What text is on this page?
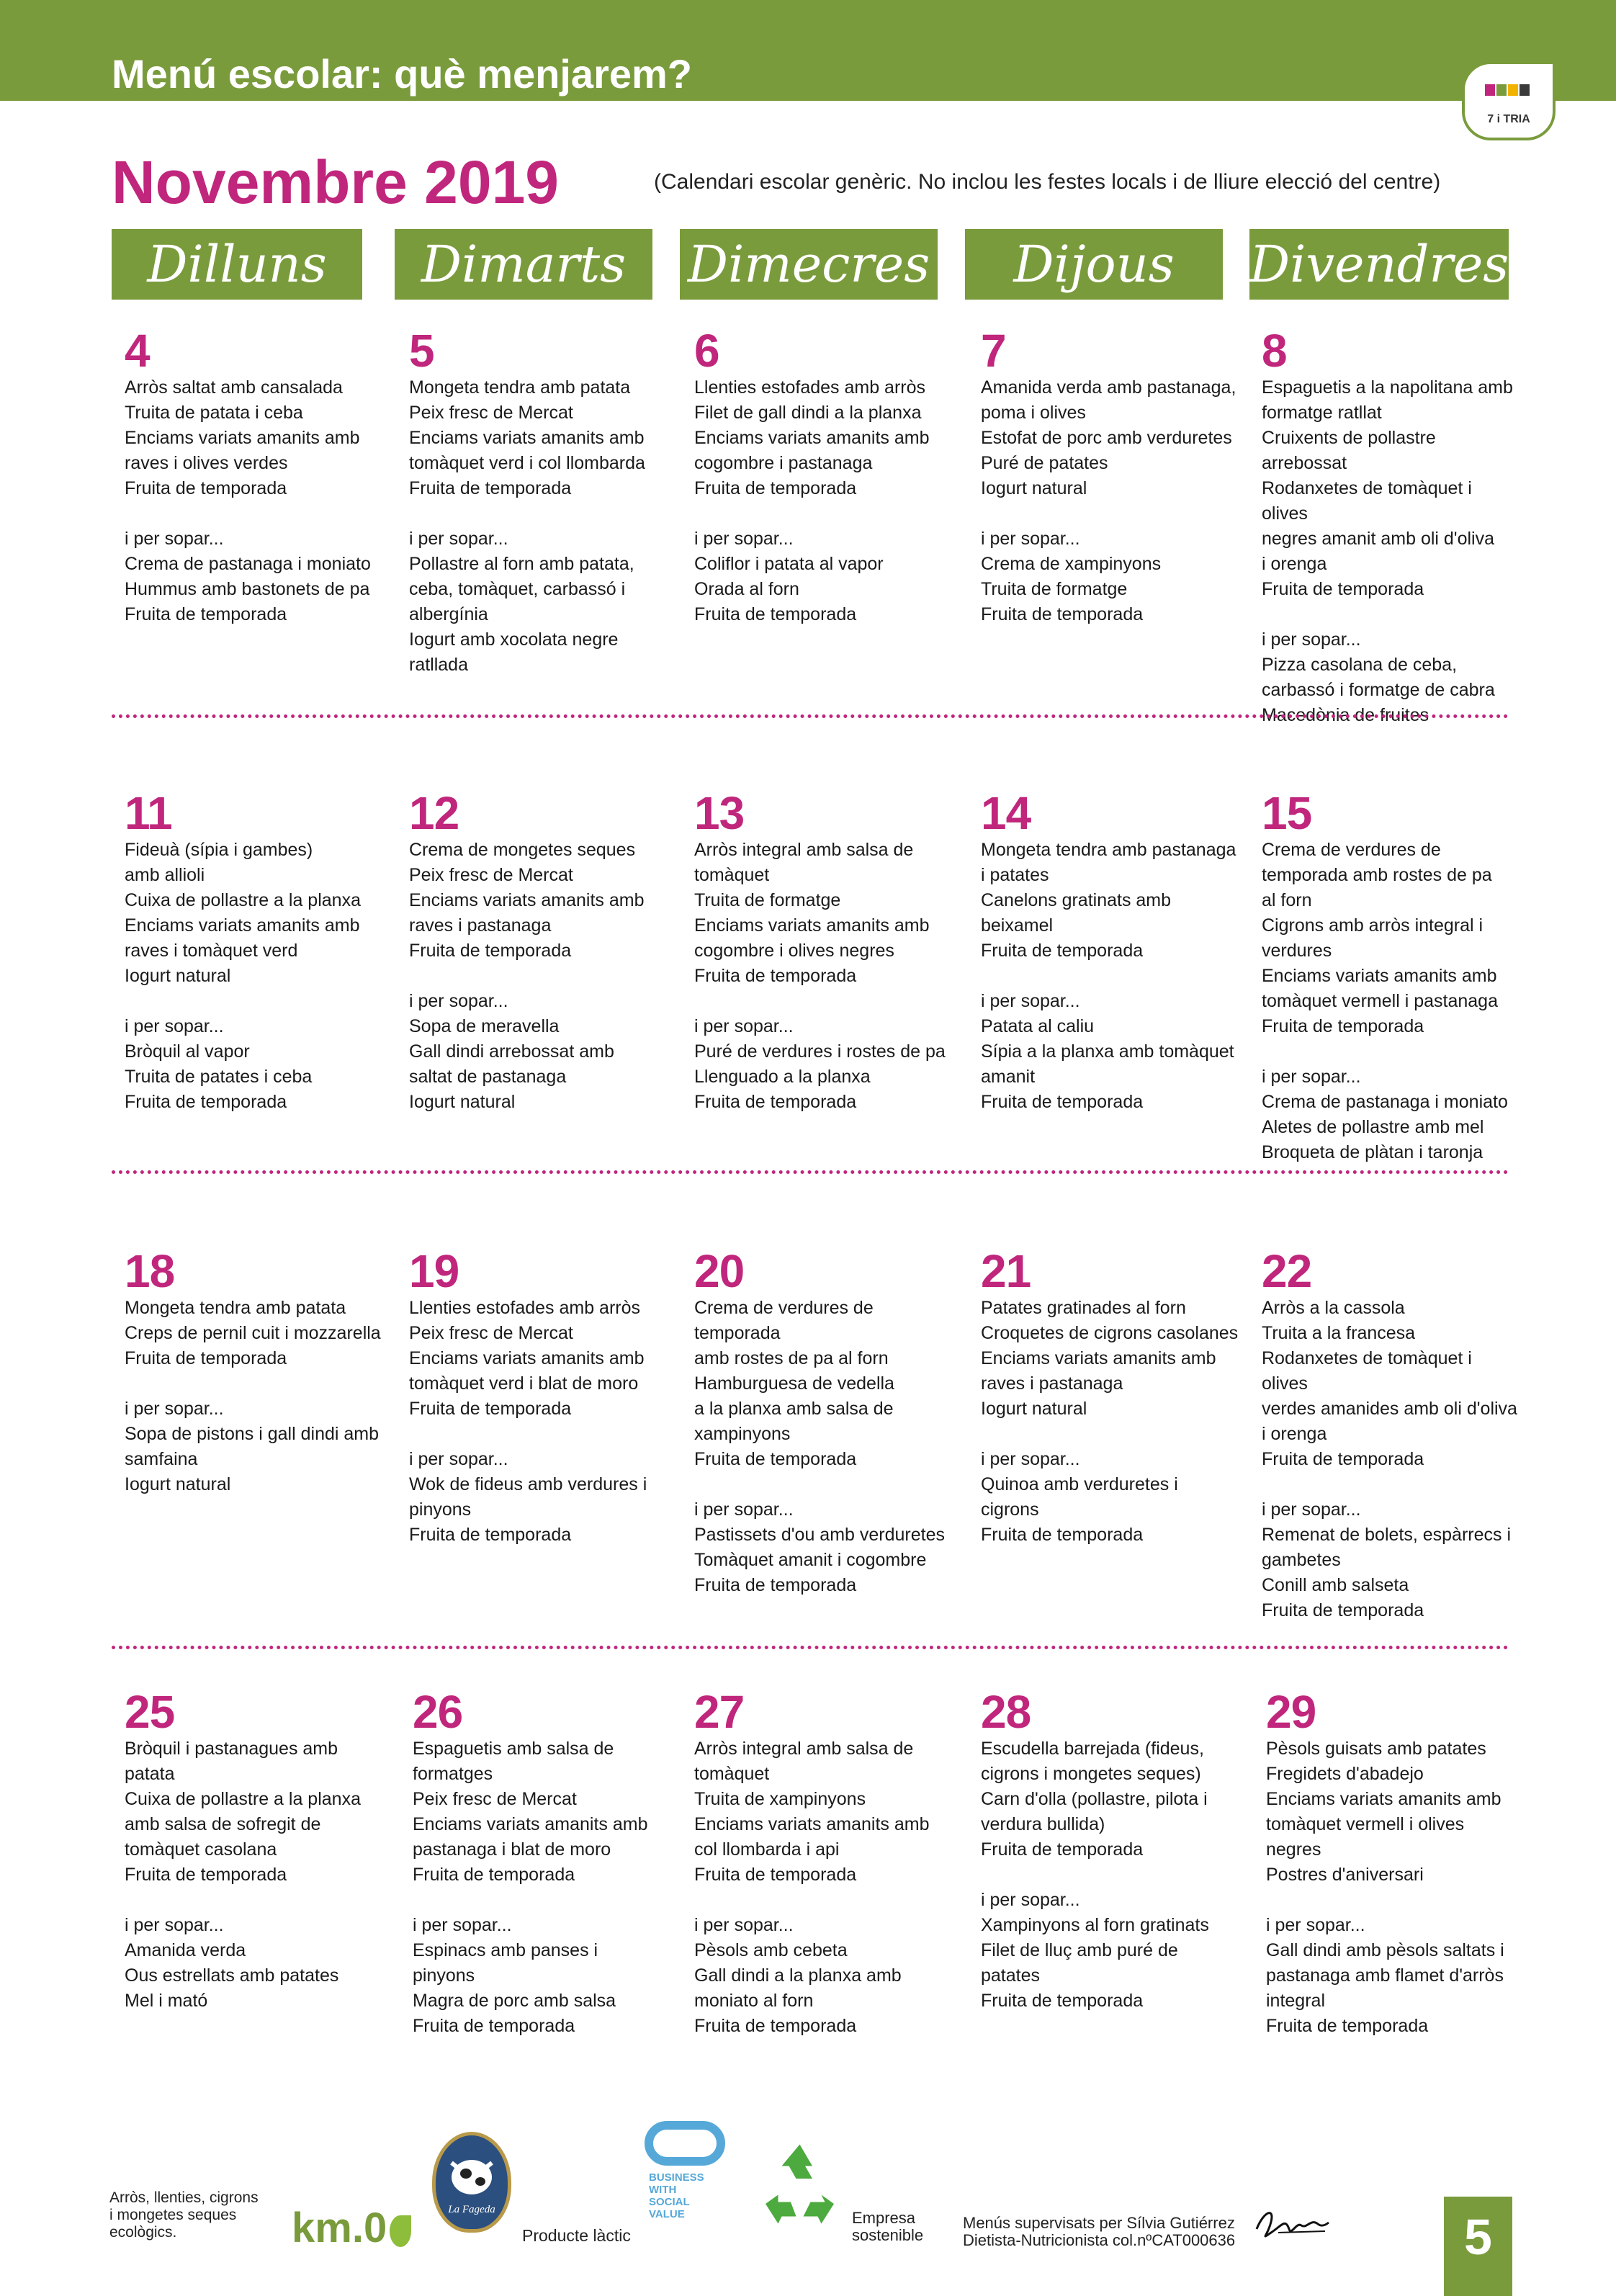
Menú escolar: què menjarem?
7 i TRIA
Novembre 2019	(Calendari escolar genèric. No inclou les festes locals i de lliure elecció del centre)
Dilluns	Dimarts	Dimecres	Dijous	Divendres
4
Arròs saltat amb cansalada
Truita de patata i ceba
Enciams variats amanits amb
raves i olives verdes
Fruita de temporada

i per sopar...
Crema de pastanaga i moniato
Hummus amb bastonets de pa
Fruita de temporada
5
Mongeta tendra amb patata
Peix fresc de Mercat
Enciams variats amanits amb
tomàquet verd i col llombarda
Fruita de temporada

i per sopar...
Pollastre al forn amb patata,
ceba, tomàquet, carbassó i
albergínia
Iogurt amb xocolata negre
ratllada
6
Llenties estofades amb arròs
Filet de gall dindi a la planxa
Enciams variats amanits amb
cogombre i pastanaga
Fruita de temporada

i per sopar...
Coliflor i patata al vapor
Orada al forn
Fruita de temporada
7
Amanida verda amb pastanaga,
poma i olives
Estofat de porc amb verduretes
Puré de patates
Iogurt natural

i per sopar...
Crema de xampinyons
Truita de formatge
Fruita de temporada
8
Espaguetis a la napolitana amb
formatge ratllat
Cruixents de pollastre arrebossat
Rodanxetes de tomàquet i olives
negres amanit amb oli d'oliva
i orenga
Fruita de temporada

i per sopar...
Pizza casolana de ceba,
carbassó i formatge de cabra
Macedònia de fruites
11
Fideuà (sípia i gambes)
amb allioli
Cuixa de pollastre a la planxa
Enciams variats amanits amb
raves i tomàquet verd
Iogurt natural

i per sopar...
Bròquil al vapor
Truita de patates i ceba
Fruita de temporada
12
Crema de mongetes seques
Peix fresc de Mercat
Enciams variats amanits amb
raves i pastanaga
Fruita de temporada

i per sopar...
Sopa de meravella
Gall dindi arrebossat amb
saltat de pastanaga
Iogurt natural
13
Arròs integral amb salsa de
tomàquet
Truita de formatge
Enciams variats amanits amb
cogombre i olives negres
Fruita de temporada

i per sopar...
Puré de verdures i rostes de pa
Llenguado a la planxa
Fruita de temporada
14
Mongeta tendra amb pastanaga
i patates
Canelons gratinats amb beixamel
Fruita de temporada

i per sopar...
Patata al caliu
Sípia a la planxa amb tomàquet
amanit
Fruita de temporada
15
Crema de verdures de
temporada amb rostes de pa
al forn
Cigrons amb arròs integral i
verdures
Enciams variats amanits amb
tomàquet vermell i pastanaga
Fruita de temporada

i per sopar...
Crema de pastanaga i moniato
Aletes de pollastre amb mel
Broqueta de plàtan i taronja
18
Mongeta tendra amb patata
Creps de pernil cuit i mozzarella
Fruita de temporada

i per sopar...
Sopa de pistons i gall dindi amb
samfaina
Iogurt natural
19
Llenties estofades amb arròs
Peix fresc de Mercat
Enciams variats amanits amb
tomàquet verd i blat de moro
Fruita de temporada

i per sopar...
Wok de fideus amb verdures i
pinyons
Fruita de temporada
20
Crema de verdures de
temporada
amb rostes de pa al forn
Hamburguesa de vedella
a la planxa amb salsa de
xampinyons
Fruita de temporada

i per sopar...
Pastissets d'ou amb verduretes
Tomàquet amanit i cogombre
Fruita de temporada
21
Patates gratinades al forn
Croquetes de cigrons casolanes
Enciams variats amanits amb
raves i pastanaga
Iogurt natural

i per sopar...
Quinoa amb verduretes i cigrons
Fruita de temporada
22
Arròs a la cassola
Truita a la francesa
Rodanxetes de tomàquet i olives
verdes amanides amb oli d'oliva
i orenga
Fruita de temporada

i per sopar...
Remenat de bolets, espàrrecs i
gambetes
Conill amb salseta
Fruita de temporada
25
Bròquil i pastanagues amb
patata
Cuixa de pollastre a la planxa
amb salsa de sofregit de
tomàquet casolana
Fruita de temporada

i per sopar...
Amanida verda
Ous estrellats amb patates
Mel i mató
26
Espaguetis amb salsa de
formatges
Peix fresc de Mercat
Enciams variats amanits amb
pastanaga i blat de moro
Fruita de temporada

i per sopar...
Espinacs amb panses i
pinyons
Magra de porc amb salsa
Fruita de temporada
27
Arròs integral amb salsa de
tomàquet
Truita de xampinyons
Enciams variats amanits amb
col llombarda i api
Fruita de temporada

i per sopar...
Pèsols amb cebeta
Gall dindi a la planxa amb
moniato al forn
Fruita de temporada
28
Escudella barrejada (fideus,
cigrons i mongetes seques)
Carn d'olla (pollastre, pilota i
verdura bullida)
Fruita de temporada

i per sopar...
Xampinyons al forn gratinats
Filet de lluç amb puré de patates
Fruita de temporada
29
Pèsols guisats amb patates
Fregidets d'abadejo
Enciams variats amanits amb
tomàquet vermell i olives
negres
Postres d'aniversari

i per sopar...
Gall dindi amb pèsols saltats i
pastanaga amb flamet d'arròs
integral
Fruita de temporada
Arròs, llenties, cigrons
i mongetes seques
ecològics.	km.0	La Fageda
Producte làctic
BUSINESS
WITH
SOCIAL
VALUE	Empresa
sostenible
Menús supervisats per Sílvia Gutiérrez
Dietista-Nutricionista col.nºCAT000636	5
